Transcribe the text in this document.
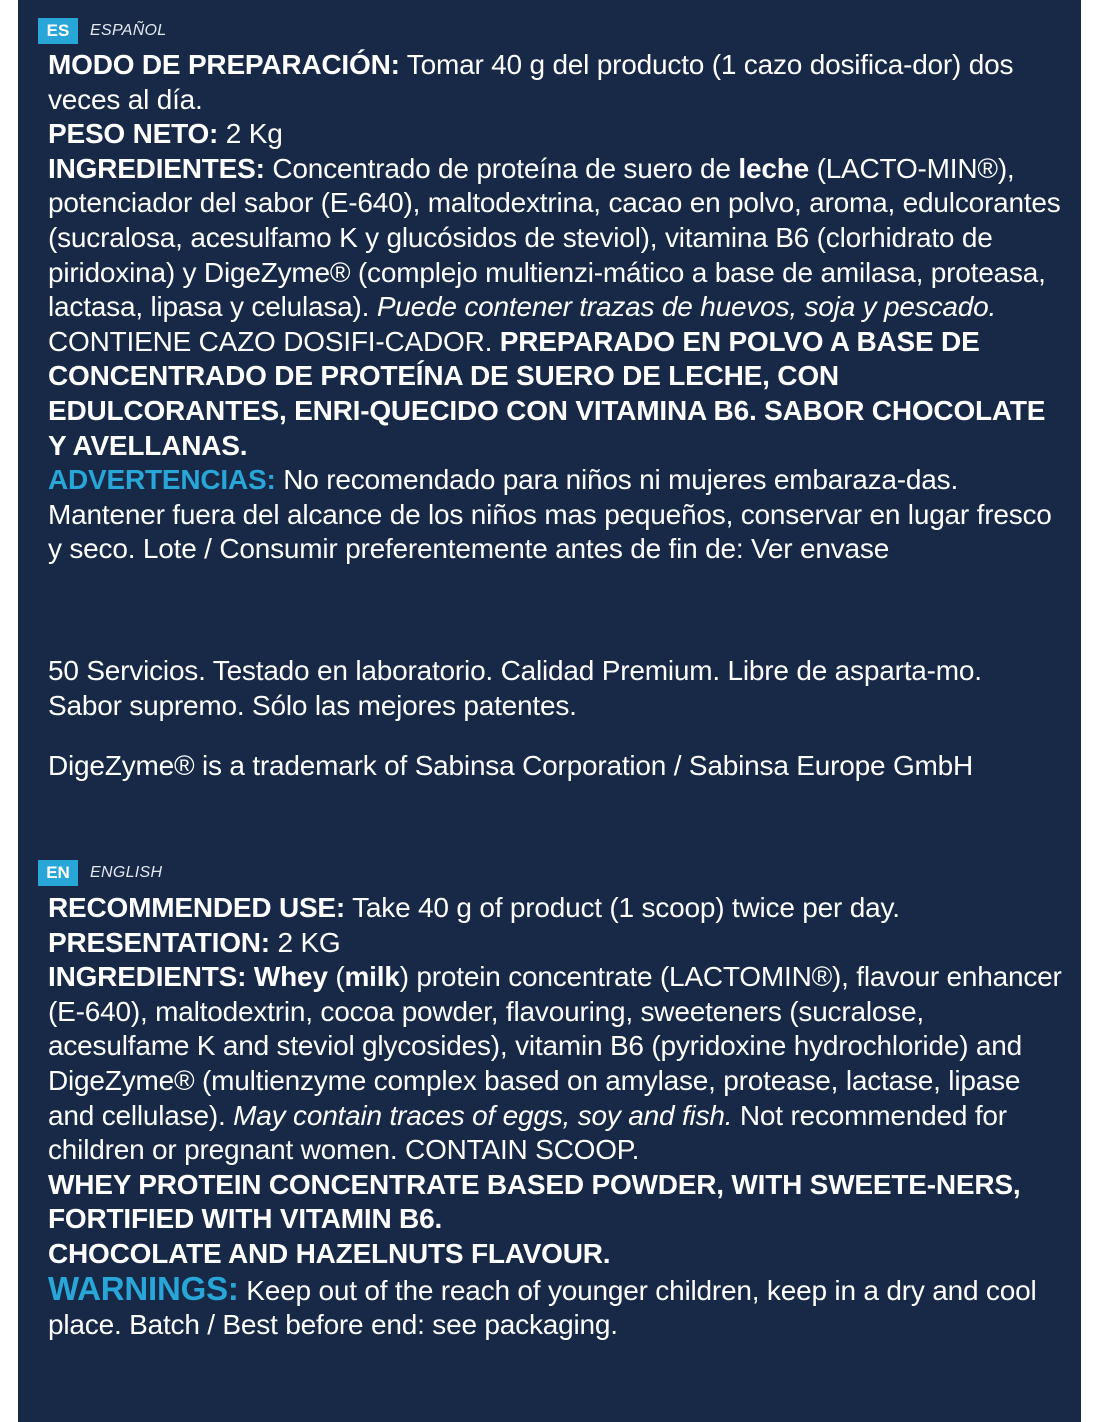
ES	ESPAÑOL

MODO DE PREPARACIÓN: Tomar 40 g del producto (1 cazo dosifica-dor) dos veces al día.

PESO NETO: 2 Kg

INGREDIENTES: Concentrado de proteína de suero de leche (LACTO-MIN®), potenciador del sabor (E-640), maltodextrina, cacao en polvo, aroma, edulcorantes (sucralosa, acesulfamo K y glucósidos de steviol), vitamina B6 (clorhidrato de piridoxina) y DigeZyme® (complejo multienzi-mático a base de amilasa, proteasa, lactasa, lipasa y celulasa). Puede contener trazas de huevos, soja y pescado. CONTIENE CAZO DOSIFI-CADOR. PREPARADO EN POLVO A BASE DE CONCENTRADO DE PROTEÍNA DE SUERO DE LECHE, CON EDULCORANTES, ENRI-QUECIDO CON VITAMINA B6. SABOR CHOCOLATE Y AVELLANAS.

ADVERTENCIAS: No recomendado para niños ni mujeres embaraza-das. Mantener fuera del alcance de los niños mas pequeños, conservar en lugar fresco y seco. Lote / Consumir preferentemente antes de fin de: Ver envase

50 Servicios. Testado en laboratorio. Calidad Premium. Libre de asparta-mo. Sabor supremo. Sólo las mejores patentes.
DigeZyme® is a trademark of Sabinsa Corporation / Sabinsa Europe GmbH
EN	ENGLISH

RECOMMENDED USE: Take 40 g of product (1 scoop) twice per day.

PRESENTATION: 2 KG

INGREDIENTS: Whey (milk) protein concentrate (LACTOMIN®), flavour enhancer (E-640), maltodextrin, cocoa powder, flavouring, sweeteners (sucralose, acesulfame K and steviol glycosides), vitamin B6 (pyridoxine hydrochloride) and DigeZyme® (multienzyme complex based on amylase, protease, lactase, lipase and cellulase). May contain traces of eggs, soy and fish. Not recommended for children or pregnant women. CONTAIN SCOOP.

WHEY PROTEIN CONCENTRATE BASED POWDER, WITH SWEETE-NERS, FORTIFIED WITH VITAMIN B6.

CHOCOLATE AND HAZELNUTS FLAVOUR.

WARNINGS: Keep out of the reach of younger children, keep in a dry and cool place. Batch / Best before end: see packaging.
